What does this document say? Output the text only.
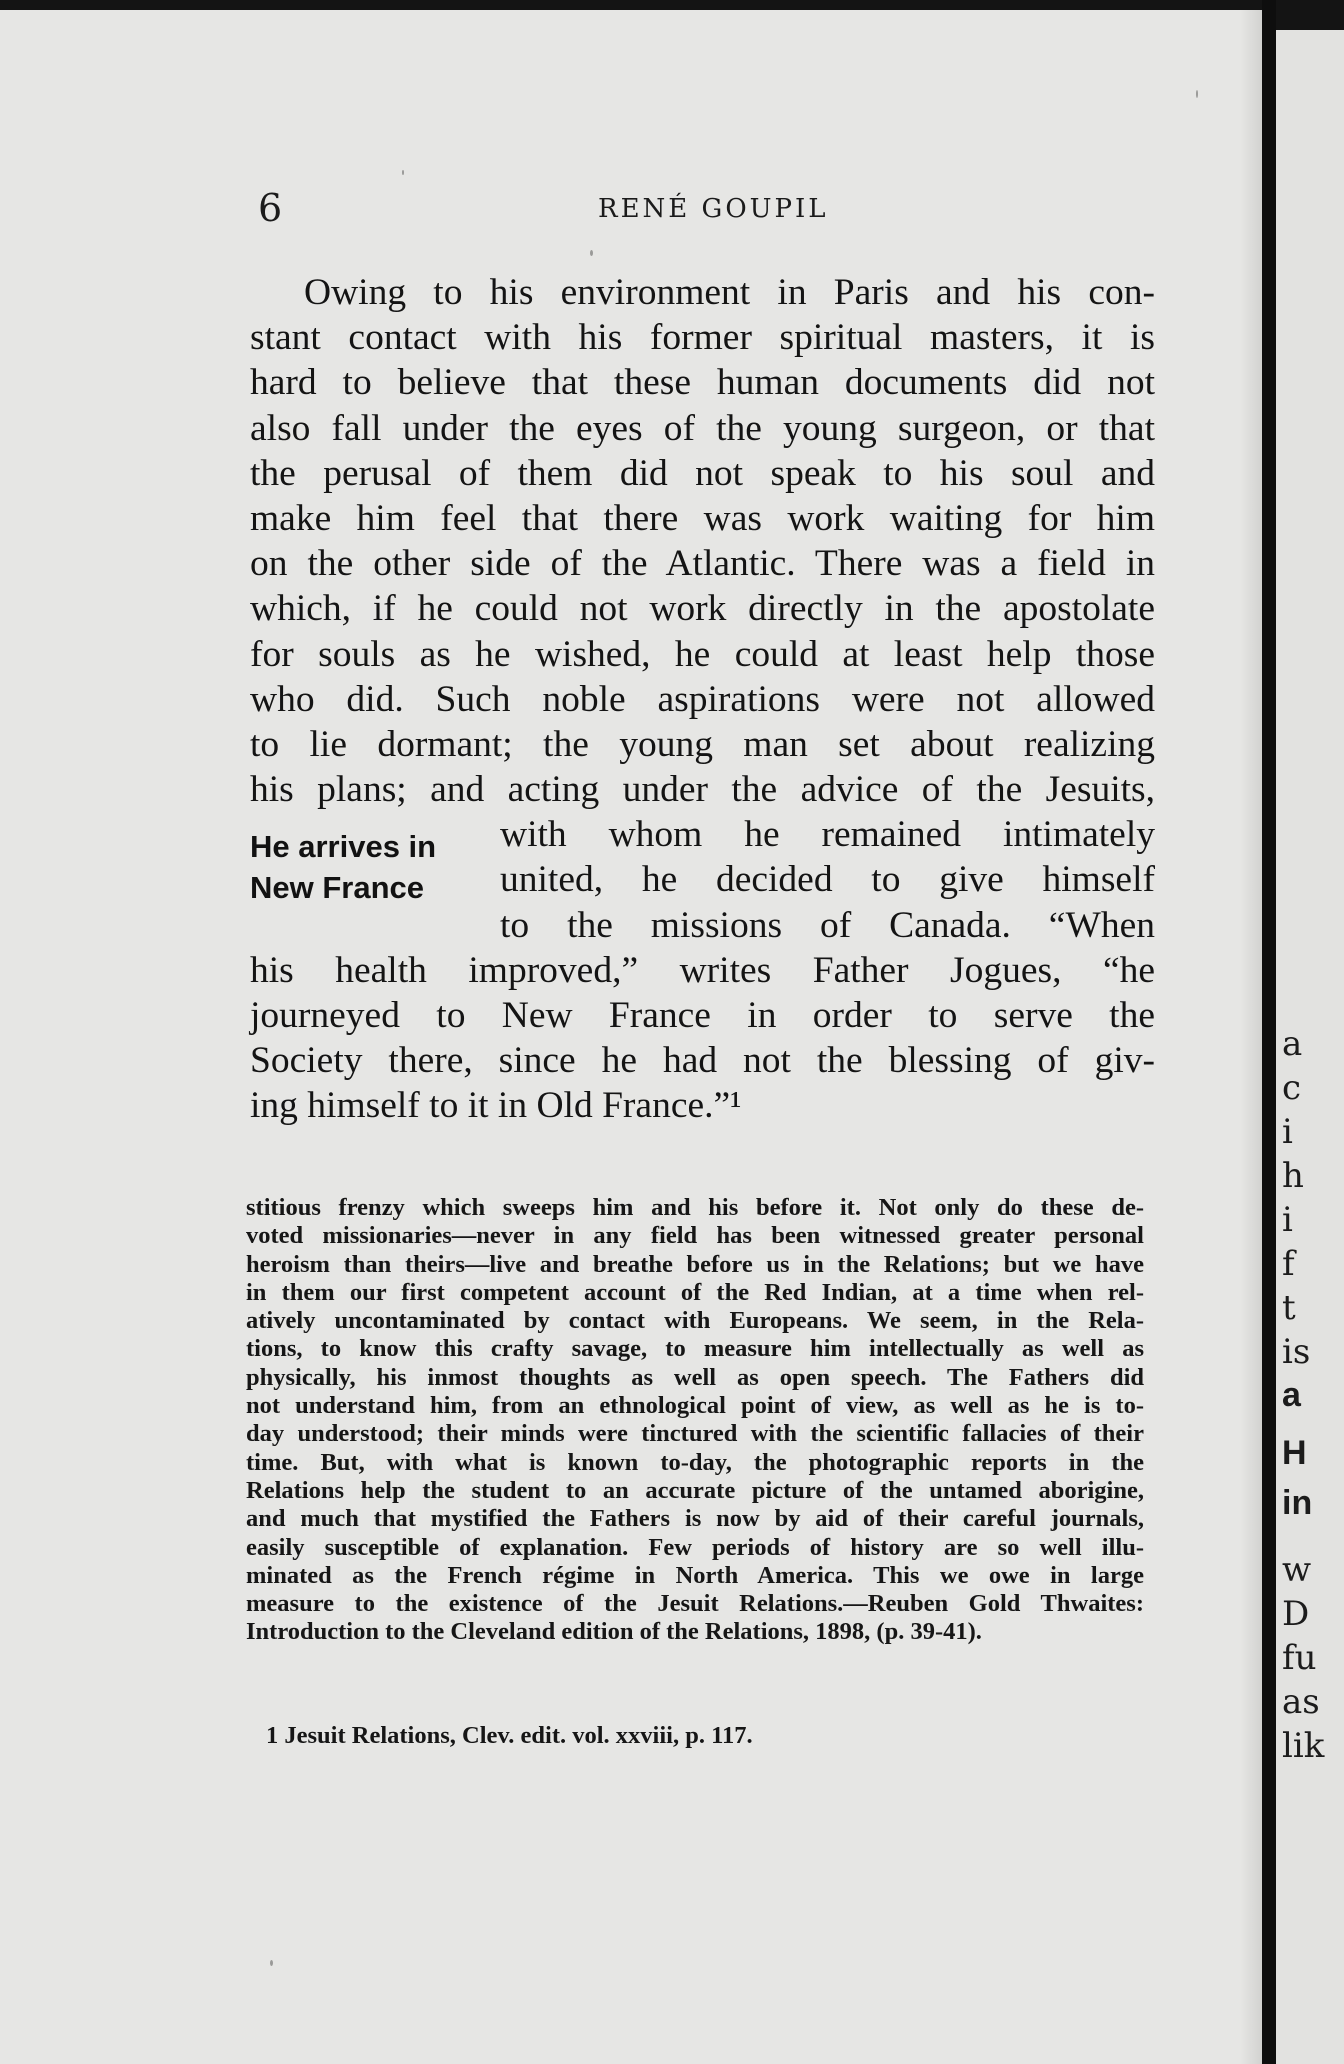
a
c
i
h
i
f
t
is
a
H
in
w
D
fu
as
lik
6	RENÉ GOUPIL
Owing to his environment in Paris and his con-
stant contact with his former spiritual masters, it is
hard to believe that these human documents did not
also fall under the eyes of the young surgeon, or that
the perusal of them did not speak to his soul and
make him feel that there was work waiting for him
on the other side of the Atlantic. There was a field in
which, if he could not work directly in the apostolate
for souls as he wished, he could at least help those
who did. Such noble aspirations were not allowed
to lie dormant; the young man set about realizing
his plans; and acting under the advice of the Jesuits,
He arrives in
New France
with whom he remained intimately
united, he decided to give himself
to the missions of Canada. “When
his health improved,” writes Father Jogues, “he
journeyed to New France in order to serve the
Society there, since he had not the blessing of giv-
ing himself to it in Old France.”¹
stitious frenzy which sweeps him and his before it. Not only do these de-
voted missionaries—never in any field has been witnessed greater personal
heroism than theirs—live and breathe before us in the Relations; but we have
in them our first competent account of the Red Indian, at a time when rel-
atively uncontaminated by contact with Europeans. We seem, in the Rela-
tions, to know this crafty savage, to measure him intellectually as well as
physically, his inmost thoughts as well as open speech. The Fathers did
not understand him, from an ethnological point of view, as well as he is to-
day understood; their minds were tinctured with the scientific fallacies of their
time. But, with what is known to-day, the photographic reports in the
Relations help the student to an accurate picture of the untamed aborigine,
and much that mystified the Fathers is now by aid of their careful journals,
easily susceptible of explanation. Few periods of history are so well illu-
minated as the French régime in North America. This we owe in large
measure to the existence of the Jesuit Relations.—Reuben Gold Thwaites:
Introduction to the Cleveland edition of the Relations, 1898, (p. 39-41).
1 Jesuit Relations, Clev. edit. vol. xxviii, p. 117.
